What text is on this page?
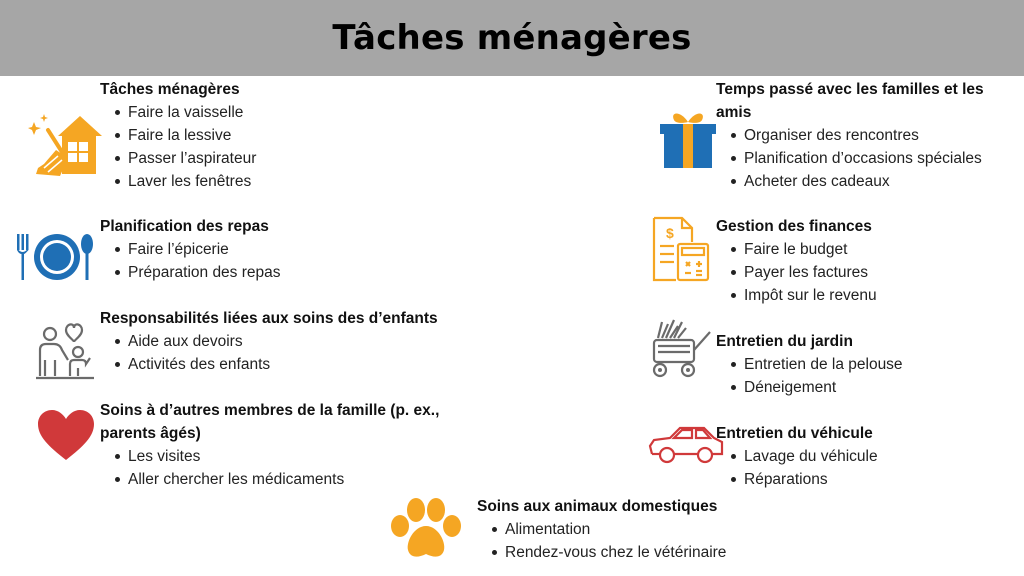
Tâches ménagères
Tâches ménagères
Faire la vaisselle
Faire la lessive
Passer l’aspirateur
Laver les fenêtres
Planification des repas
Faire l’épicerie
Préparation des repas
Responsabilités liées aux soins des d’enfants
Aide aux devoirs
Activités des enfants
Soins à d’autres membres de la famille (p. ex.,
parents âgés)
Les visites
Aller chercher les médicaments
Temps passé avec les familles et les
amis
Organiser des rencontres
Planification d’occasions spéciales
Acheter des cadeaux
$	Gestion des finances
Faire le budget
Payer les factures
Impôt sur le revenu
Entretien du jardin
Entretien de la pelouse
Déneigement
Entretien du véhicule
Lavage du véhicule
Réparations
Soins aux animaux domestiques
Alimentation
Rendez-vous chez le vétérinaire
